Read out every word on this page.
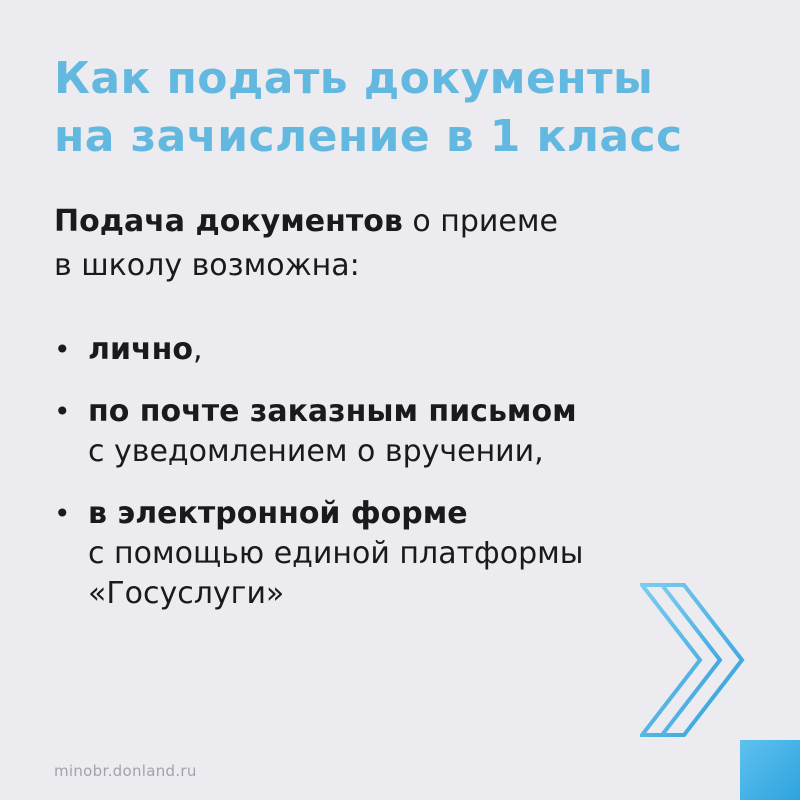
Как подать документы
на зачисление в 1 класс

Подача документов о приеме
в школу возможна:

• лично,
• по почте заказным письмом
с уведомлением о вручении,
• в электронной форме
с помощью единой платформы
«Госуслуги»
minobr.donland.ru
